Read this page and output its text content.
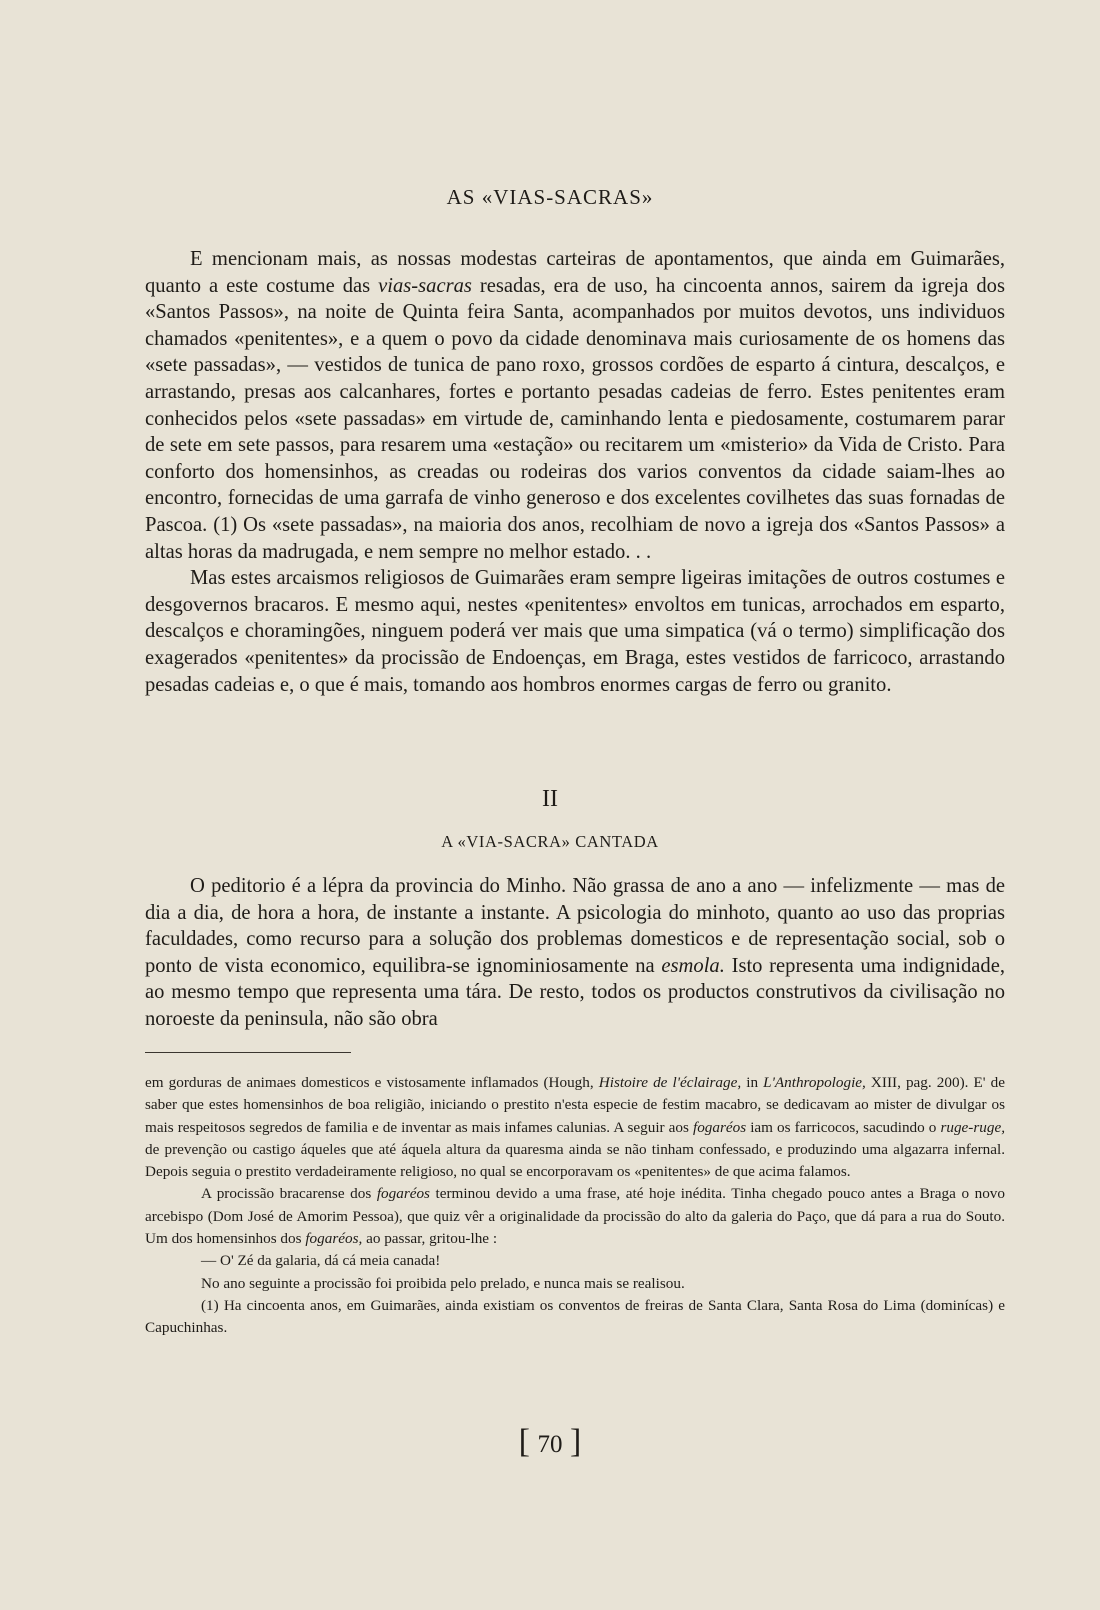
AS «VIAS-SACRAS»

E mencionam mais, as nossas modestas carteiras de apontamentos, que ainda em Guimarães, quanto a este costume das vias-sacras resadas, era de uso, ha cincoenta annos, sairem da igreja dos «Santos Passos», na noite de Quinta feira Santa, acompanhados por muitos devotos, uns individuos chamados «penitentes», e a quem o povo da cidade denominava mais curiosamente de os homens das «sete passadas», — vestidos de tunica de pano roxo, grossos cordões de esparto á cintura, descalços, e arrastando, presas aos calcanhares, fortes e portanto pesadas cadeias de ferro. Estes penitentes eram conhecidos pelos «sete passadas» em virtude de, caminhando lenta e piedosamente, costumarem parar de sete em sete passos, para resarem uma «estação» ou recitarem um «misterio» da Vida de Cristo. Para conforto dos homensinhos, as creadas ou rodeiras dos varios conventos da cidade saiam-lhes ao encontro, fornecidas de uma garrafa de vinho generoso e dos excelentes covilhetes das suas fornadas de Pascoa. (1) Os «sete passadas», na maioria dos anos, recolhiam de novo a igreja dos «Santos Passos» a altas horas da madrugada, e nem sempre no melhor estado. . .

Mas estes arcaismos religiosos de Guimarães eram sempre ligeiras imitações de outros costumes e desgovernos bracaros. E mesmo aqui, nestes «penitentes» envoltos em tunicas, arrochados em esparto, descalços e choramingões, ninguem poderá ver mais que uma simpatica (vá o termo) simplificação dos exagerados «penitentes» da procissão de Endoenças, em Braga, estes vestidos de farricoco, arrastando pesadas cadeias e, o que é mais, tomando aos hombros enormes cargas de ferro ou granito.

II
A «VIA-SACRA» CANTADA

O peditorio é a lépra da provincia do Minho. Não grassa de ano a ano — infelizmente — mas de dia a dia, de hora a hora, de instante a instante. A psicologia do minhoto, quanto ao uso das proprias faculdades, como recurso para a solução dos problemas domesticos e de representação social, sob o ponto de vista economico, equilibra-se ignominiosamente na esmola. Isto representa uma indignidade, ao mesmo tempo que representa uma tára. De resto, todos os productos construtivos da civilisação no noroeste da peninsula, não são obra

em gorduras de animaes domesticos e vistosamente inflamados (Hough, Histoire de l'éclairage, in L'Anthropologie, XIII, pag. 200). E' de saber que estes homensinhos de boa religião, iniciando o prestito n'esta especie de festim macabro, se dedicavam ao mister de divulgar os mais respeitosos segredos de familia e de inventar as mais infames calunias. A seguir aos fogaréos iam os farricocos, sacudindo o ruge-ruge, de prevenção ou castigo áqueles que até áquela altura da quaresma ainda se não tinham confessado, e produzindo uma algazarra infernal. Depois seguia o prestito verdadeiramente religioso, no qual se encorporavam os «penitentes» de que acima falamos.

A procissão bracarense dos fogaréos terminou devido a uma frase, até hoje inédita. Tinha chegado pouco antes a Braga o novo arcebispo (Dom José de Amorim Pessoa), que quiz vêr a originalidade da procissão do alto da galeria do Paço, que dá para a rua do Souto. Um dos homensinhos dos fogaréos, ao passar, gritou-lhe :

— O' Zé da galaria, dá cá meia canada!

No ano seguinte a procissão foi proibida pelo prelado, e nunca mais se realisou.

(1) Ha cincoenta anos, em Guimarães, ainda existiam os conventos de freiras de Santa Clara, Santa Rosa do Lima (dominícas) e Capuchinhas.

[ 70 ]
